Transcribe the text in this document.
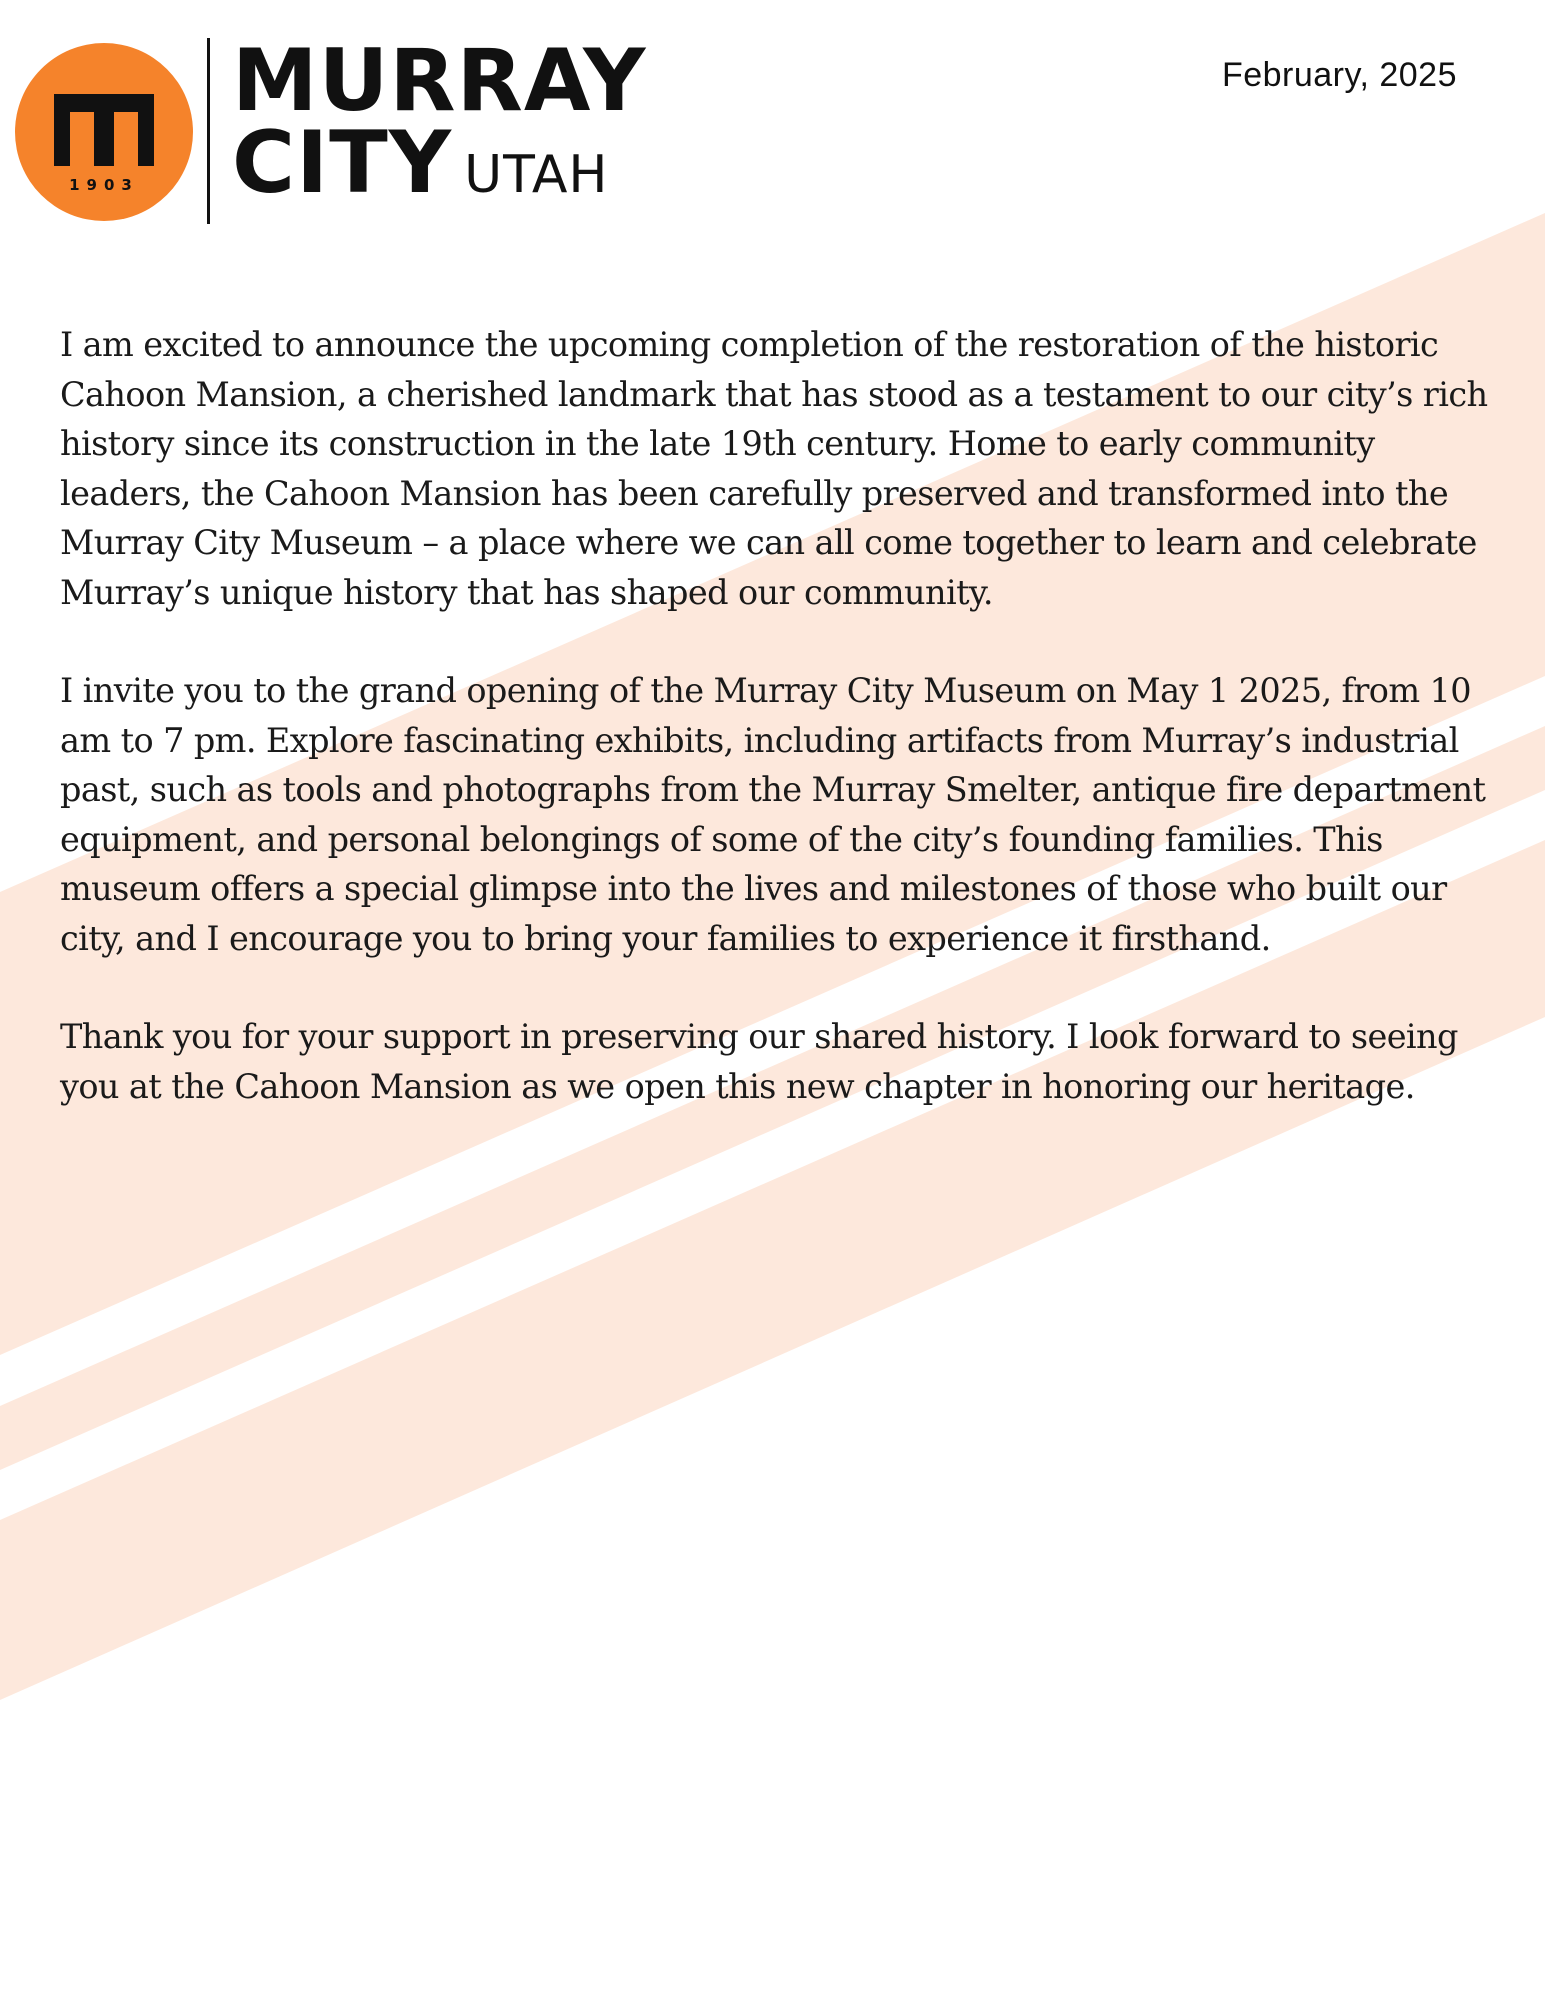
1903
MURRAY
CITY UTAH
February, 2025

I am excited to announce the upcoming completion of the restoration of the historic Cahoon Mansion, a cherished landmark that has stood as a testament to our city’s rich history since its construction in the late 19th century. Home to early community leaders, the Cahoon Mansion has been carefully preserved and transformed into the Murray City Museum – a place where we can all come together to learn and celebrate Murray’s unique history that has shaped our community.

I invite you to the grand opening of the Murray City Museum on May 1 2025, from 10 am to 7 pm. Explore fascinating exhibits, including artifacts from Murray’s industrial past, such as tools and photographs from the Murray Smelter, antique fire department equipment, and personal belongings of some of the city’s founding families. This museum offers a special glimpse into the lives and milestones of those who built our city, and I encourage you to bring your families to experience it firsthand.

Thank you for your support in preserving our shared history. I look forward to seeing you at the Cahoon Mansion as we open this new chapter in honoring our heritage.
